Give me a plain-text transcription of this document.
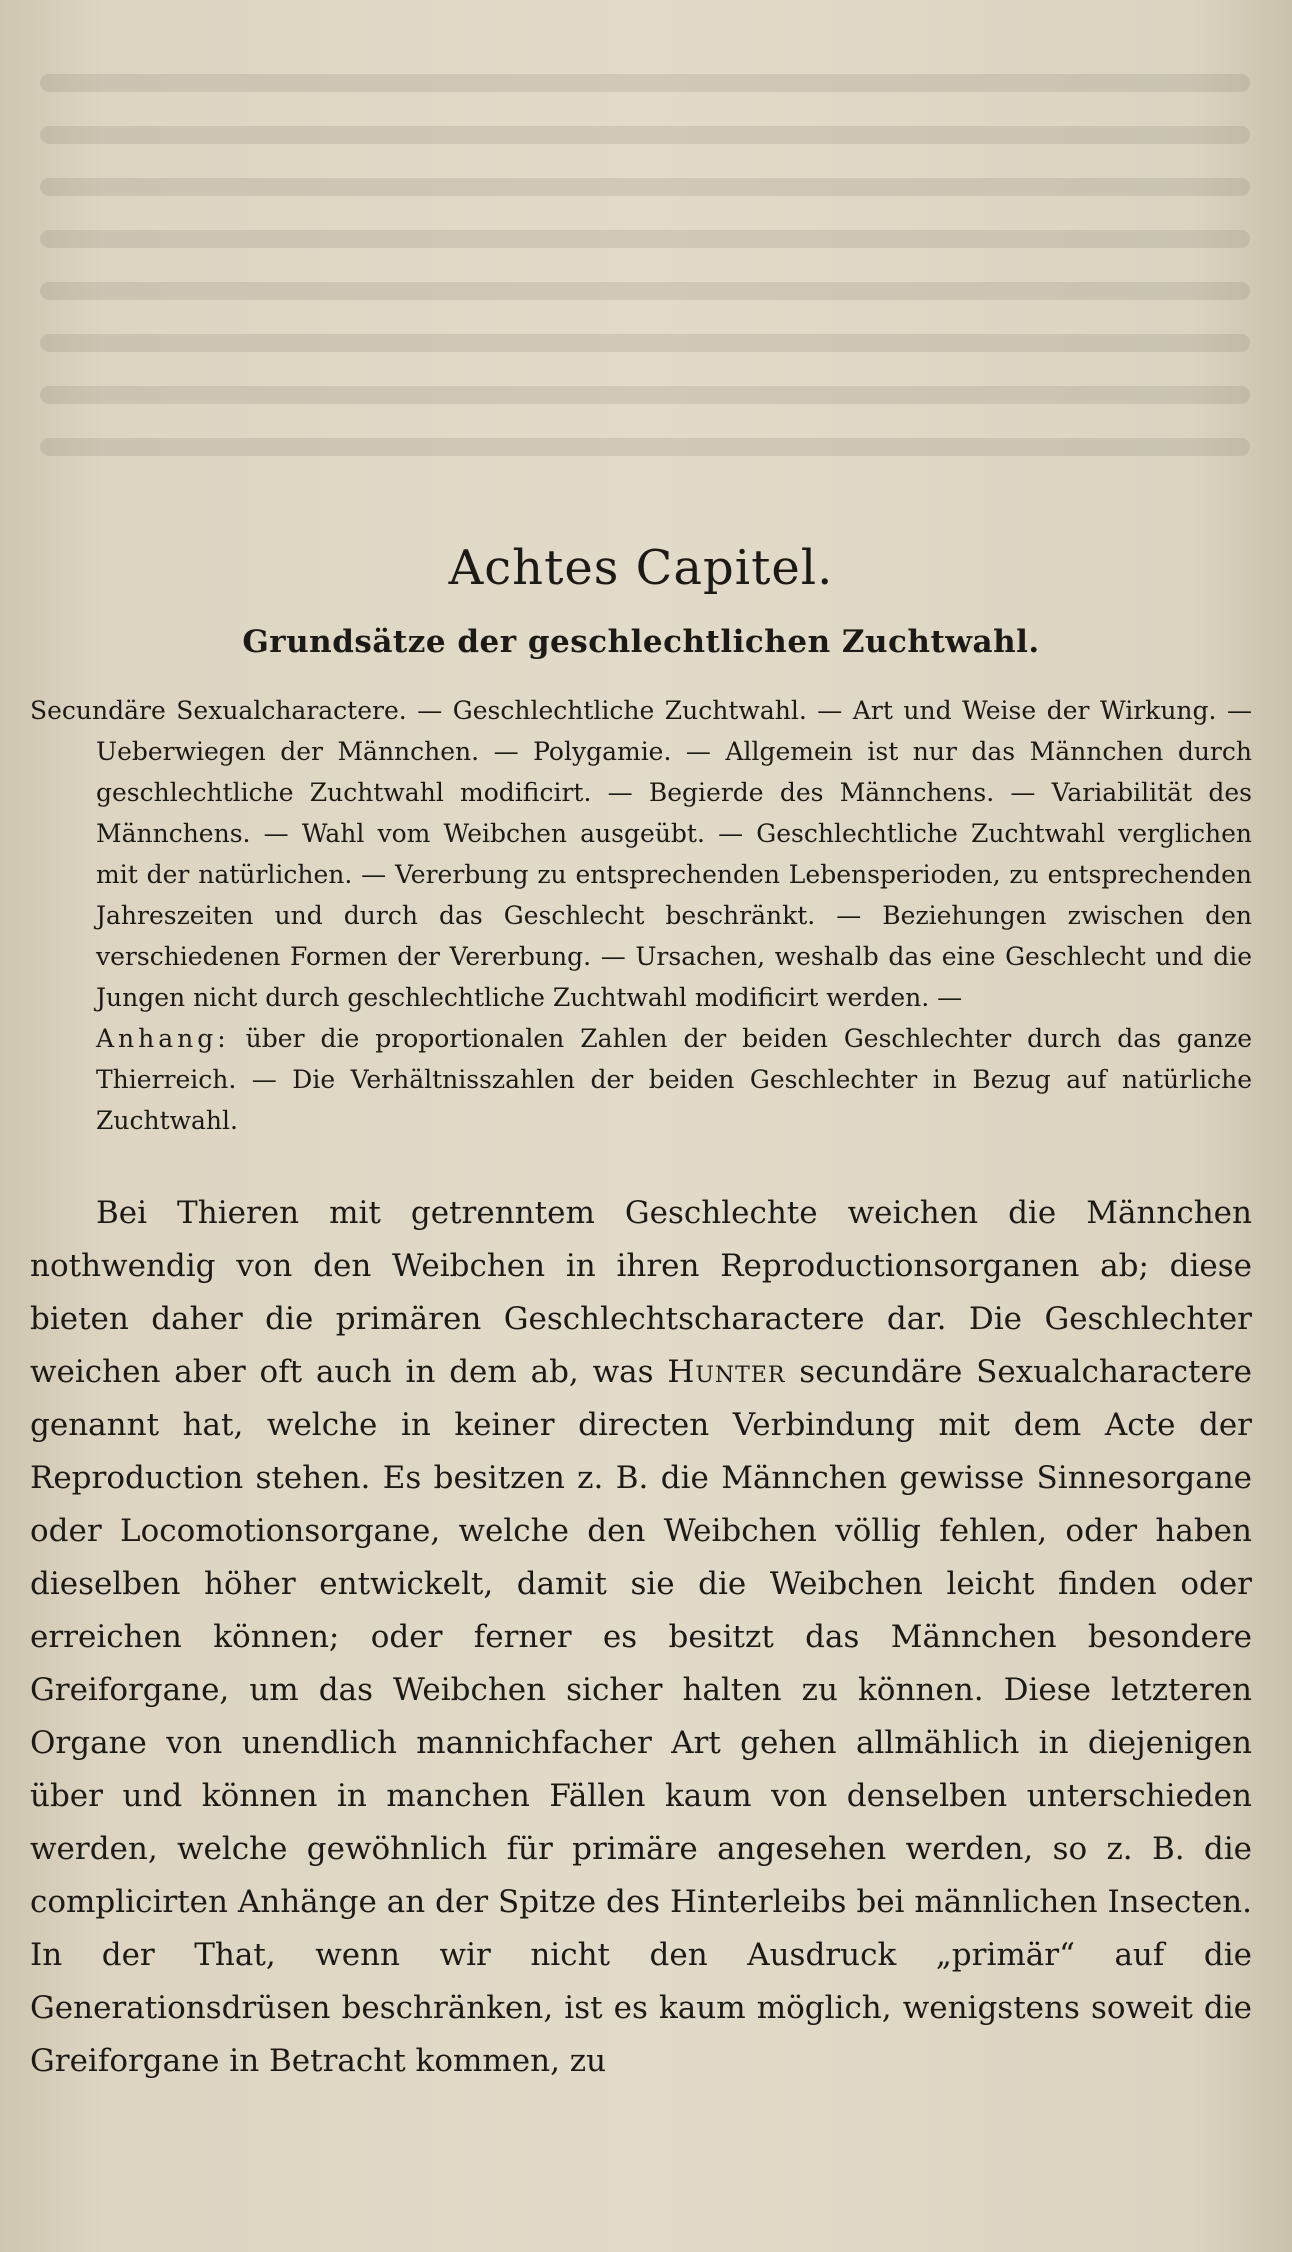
Achtes Capitel.
Grundsätze der geschlechtlichen Zuchtwahl.

Secundäre Sexualcharactere. — Geschlechtliche Zuchtwahl. — Art und Weise der Wirkung. — Ueberwiegen der Männchen. — Polygamie. — Allgemein ist nur das Männchen durch geschlechtliche Zuchtwahl modificirt. — Begierde des Männchens. — Variabilität des Männchens. — Wahl vom Weibchen ausgeübt. — Geschlechtliche Zuchtwahl verglichen mit der natürlichen. — Vererbung zu entsprechenden Lebensperioden, zu entsprechenden Jahreszeiten und durch das Geschlecht beschränkt. — Beziehungen zwischen den verschiedenen Formen der Vererbung. — Ursachen, weshalb das eine Geschlecht und die Jungen nicht durch geschlechtliche Zuchtwahl modificirt werden. —

Anhang: über die proportionalen Zahlen der beiden Geschlechter durch das ganze Thierreich. — Die Verhältnisszahlen der beiden Geschlechter in Bezug auf natürliche Zuchtwahl.

Bei Thieren mit getrenntem Geschlechte weichen die Männchen nothwendig von den Weibchen in ihren Reproductionsorganen ab; diese bieten daher die primären Geschlechtscharactere dar. Die Geschlechter weichen aber oft auch in dem ab, was Hunter secundäre Sexualcharactere genannt hat, welche in keiner directen Verbindung mit dem Acte der Reproduction stehen. Es besitzen z. B. die Männchen gewisse Sinnesorgane oder Locomotionsorgane, welche den Weibchen völlig fehlen, oder haben dieselben höher entwickelt, damit sie die Weibchen leicht finden oder erreichen können; oder ferner es besitzt das Männchen besondere Greiforgane, um das Weibchen sicher halten zu können. Diese letzteren Organe von unendlich mannichfacher Art gehen allmählich in diejenigen über und können in manchen Fällen kaum von denselben unterschieden werden, welche gewöhnlich für primäre angesehen werden, so z. B. die complicirten Anhänge an der Spitze des Hinterleibs bei männlichen Insecten. In der That, wenn wir nicht den Ausdruck „primär“ auf die Generationsdrüsen beschränken, ist es kaum möglich, wenigstens soweit die Greiforgane in Betracht kommen, zu
